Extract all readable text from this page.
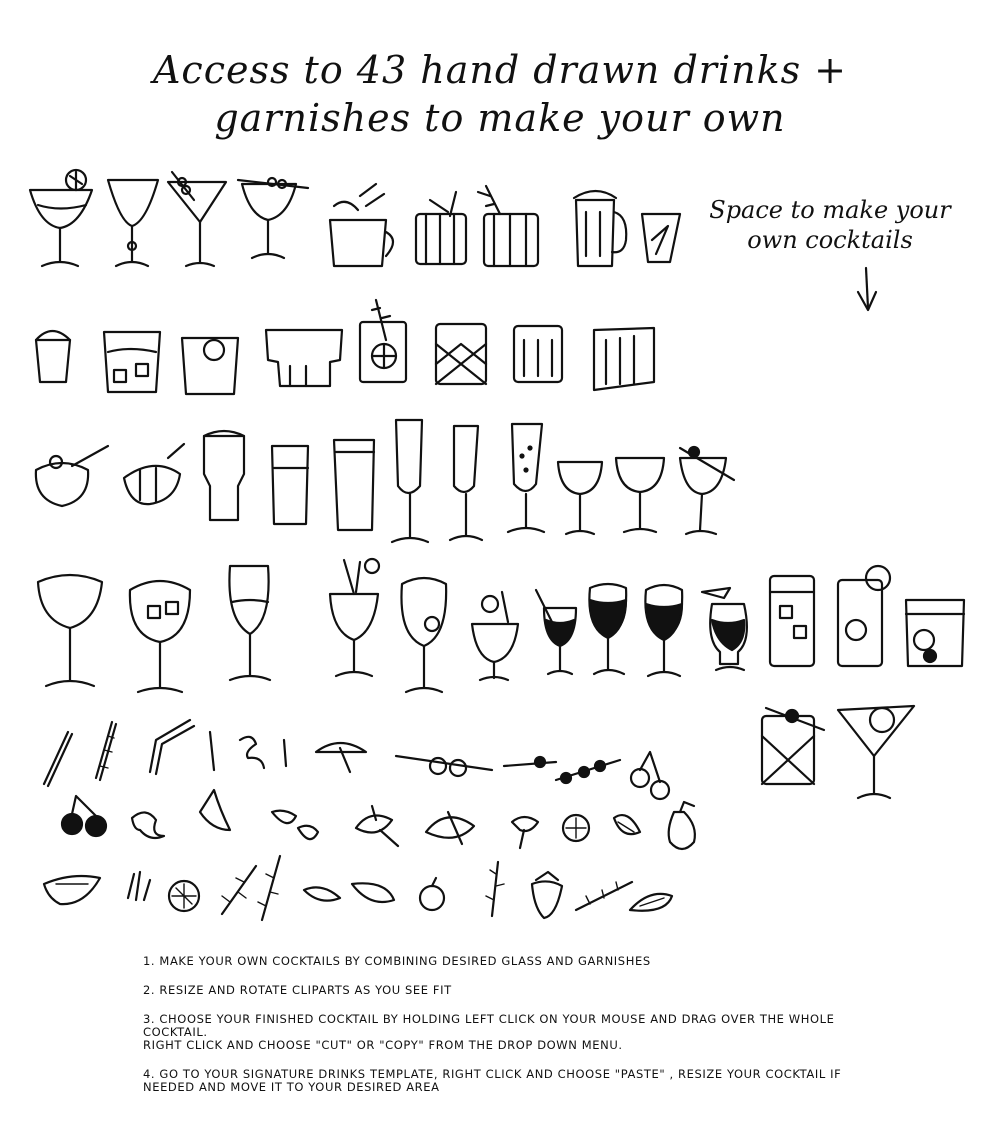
Access to 43 hand drawn drinks +
garnishes to make your own
Space to make your
own cocktails

1. MAKE YOUR OWN COCKTAILS BY COMBINING DESIRED GLASS AND GARNISHES

2. RESIZE AND ROTATE CLIPARTS AS YOU SEE FIT

3. CHOOSE YOUR FINISHED COCKTAIL BY HOLDING LEFT CLICK ON YOUR MOUSE AND DRAG OVER THE WHOLE
COCKTAIL.
RIGHT CLICK AND CHOOSE "CUT" OR "COPY" FROM THE DROP DOWN MENU.

4. GO TO YOUR SIGNATURE DRINKS TEMPLATE, RIGHT CLICK AND CHOOSE "PASTE" , RESIZE YOUR COCKTAIL IF
NEEDED AND MOVE IT TO YOUR DESIRED AREA
